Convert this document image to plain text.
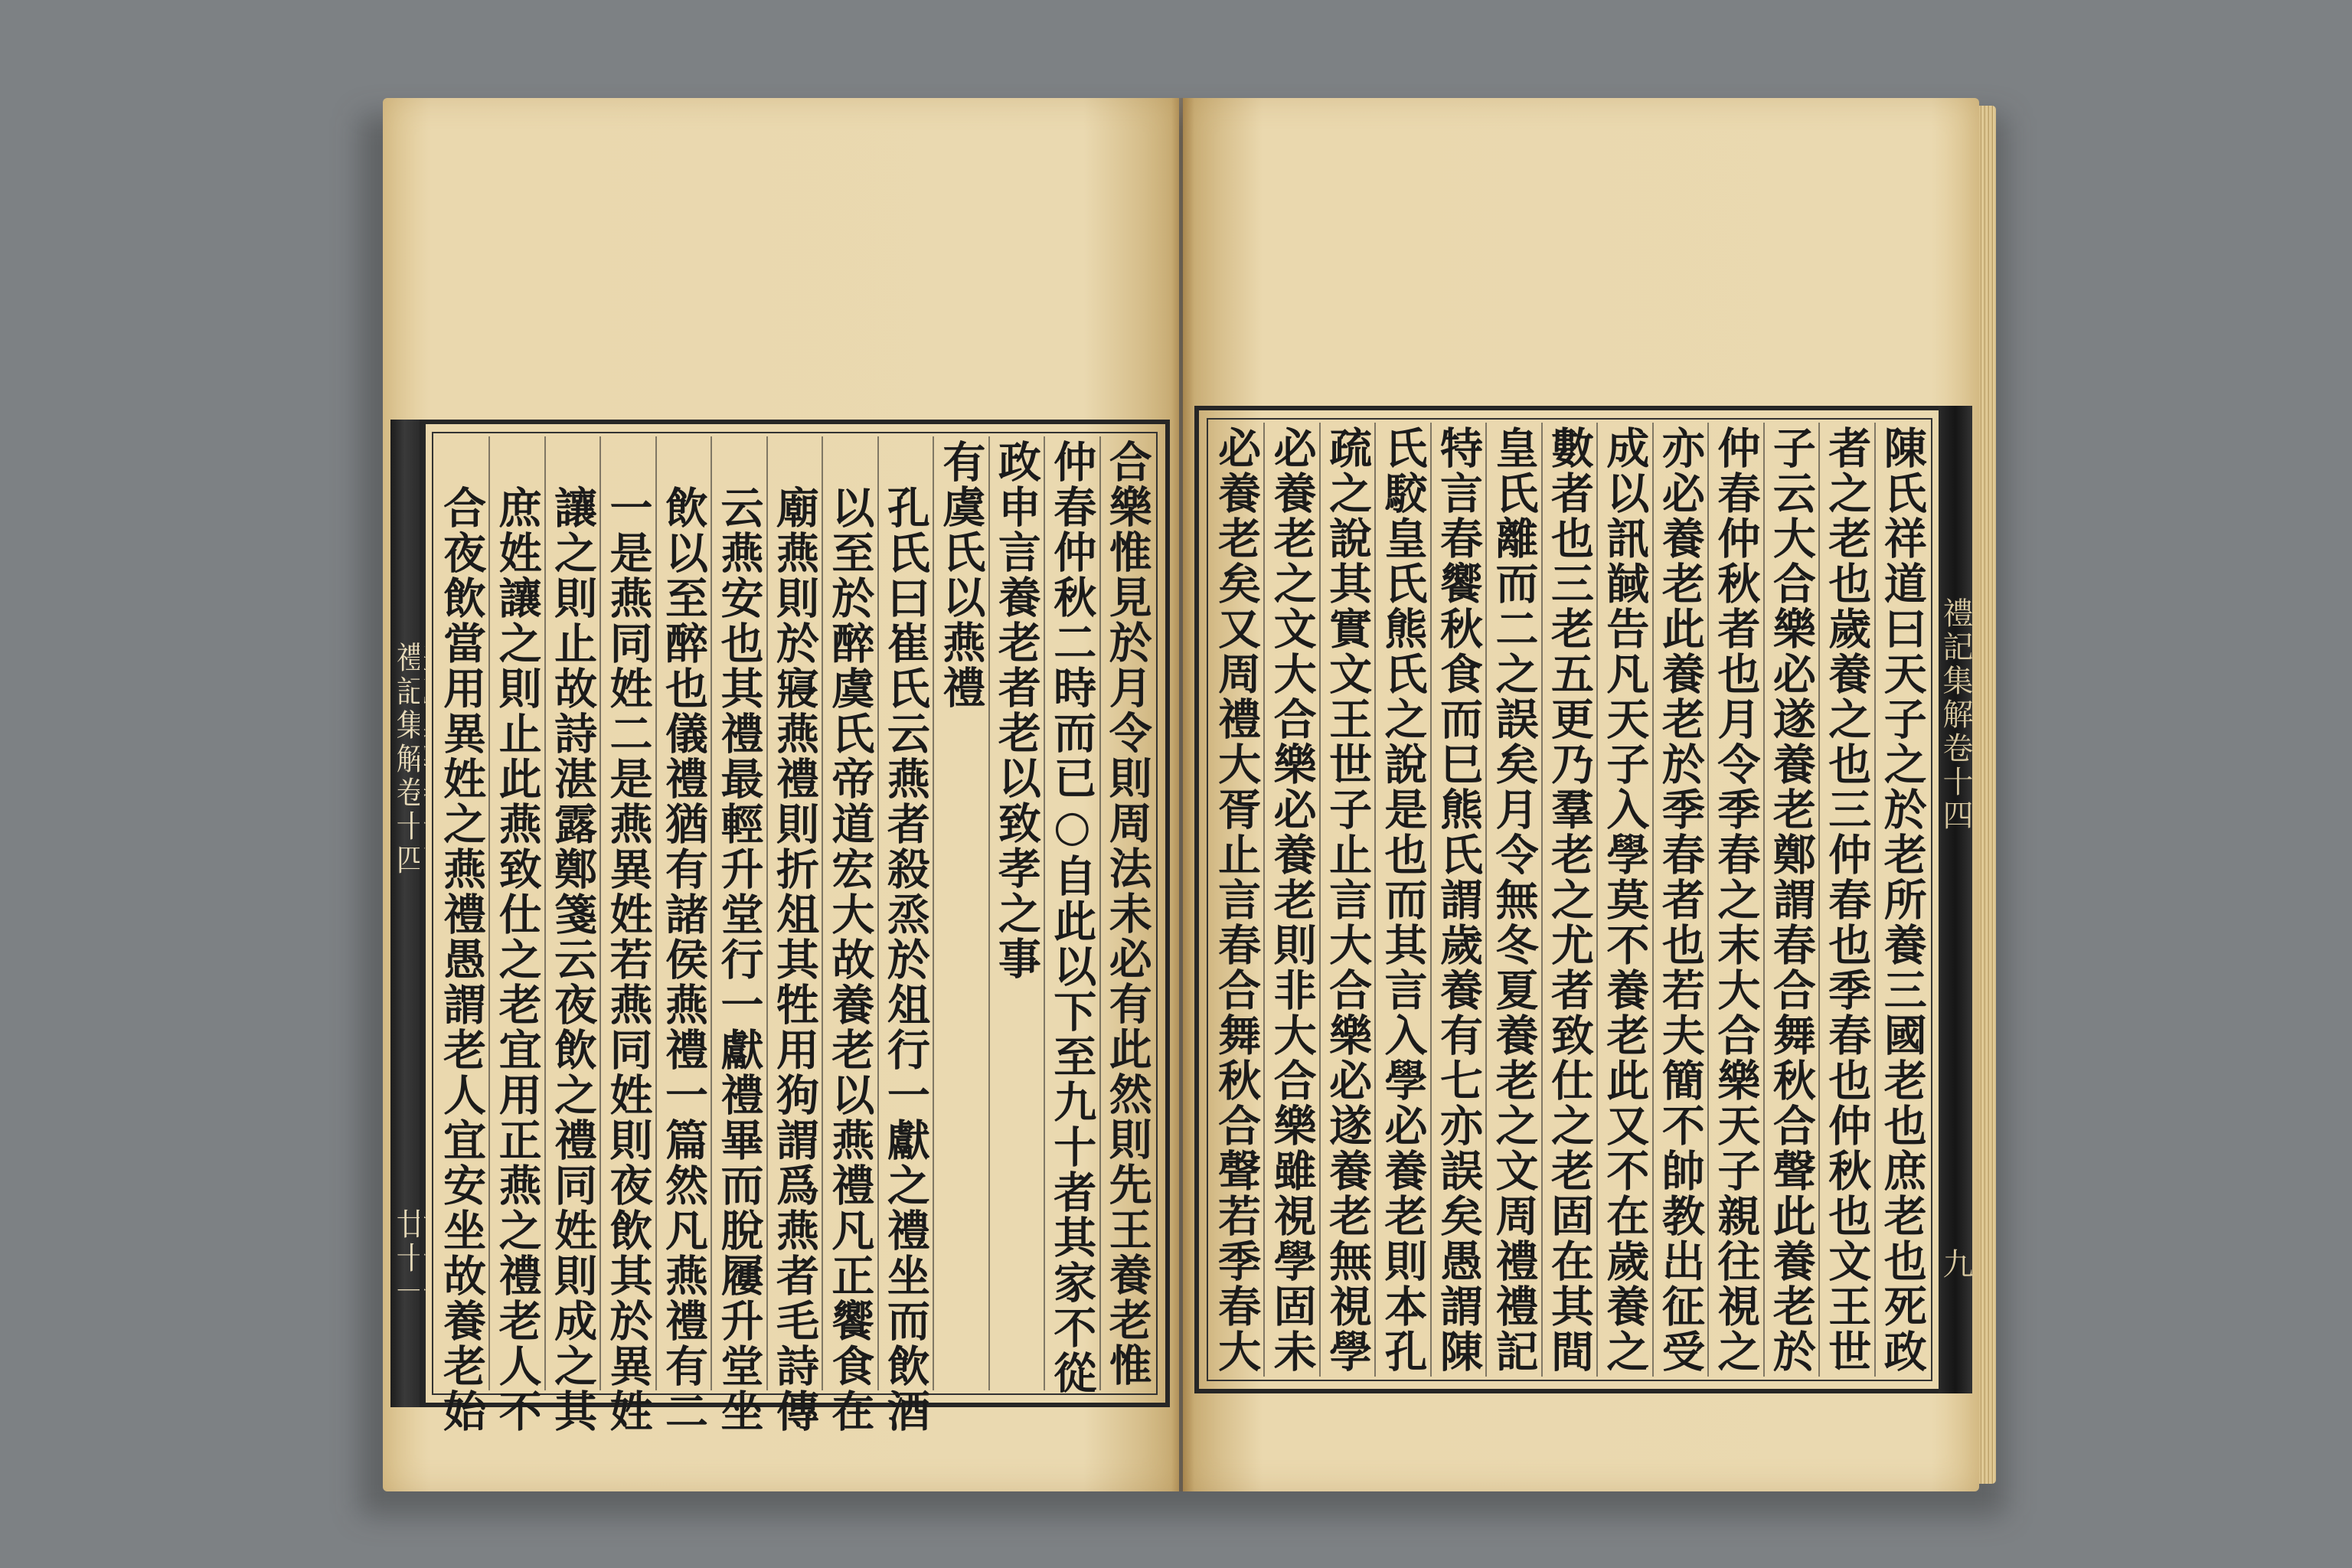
禮記集解卷十四
廿十一	合樂惟見於月令則周法未必有此然則先王養老惟
仲春仲秋二時而已○自此以下至九十者其家不從
政申言養老者老以致孝之事
有虞氏以燕禮
孔氏曰崔氏云燕者殺烝於俎行一獻之禮坐而飲酒
以至於醉虞氏帝道宏大故養老以燕禮凡正饗食在
廟燕則於寢燕禮則折俎其牲用狗謂爲燕者毛詩傳
云燕安也其禮最輕升堂行一獻禮畢而脫屨升堂坐
飲以至醉也儀禮猶有諸侯燕禮一篇然凡燕禮有二
一是燕同姓二是燕異姓若燕同姓則夜飲其於異姓
讓之則止故詩湛露鄭箋云夜飲之禮同姓則成之其
庶姓讓之則止此燕致仕之老宜用正燕之禮老人不
合夜飲當用異姓之燕禮愚謂老人宜安坐故養老始	陳氏祥道曰天子之於老所養三國老也庶老也死政
者之老也歲養之也三仲春也季春也仲秋也文王世
子云大合樂必遂養老鄭謂春合舞秋合聲此養老於
仲春仲秋者也月令季春之末大合樂天子親往視之
亦必養老此養老於季春者也若夫簡不帥教出征受
成以訊馘告凡天子入學莫不養老此又不在歲養之
數者也三老五更乃羣老之尤者致仕之老固在其間
皇氏離而二之誤矣月令無冬夏養老之文周禮禮記
特言春饗秋食而巳熊氏謂歲養有七亦誤矣愚謂陳
氏駮皇氏熊氏之說是也而其言入學必養老則本孔
疏之說其實文王世子止言大合樂必遂養老無視學
必養老之文大合樂必養老則非大合樂雖視學固未
必養老矣又周禮大胥止言春合舞秋合聲若季春大	禮記集解卷十四
九
